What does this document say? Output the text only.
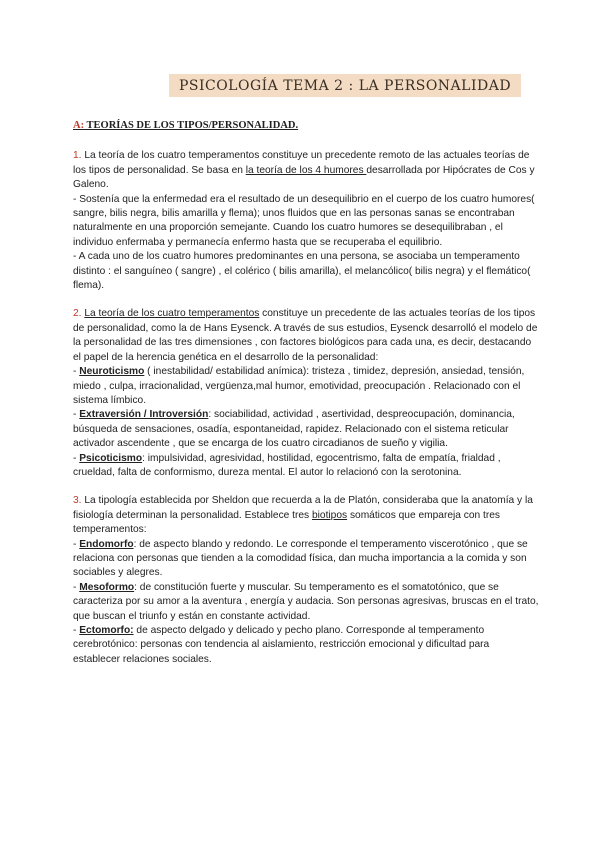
PSICOLOGÍA TEMA 2 : LA PERSONALIDAD
A: TEORÍAS DE LOS TIPOS/PERSONALIDAD.

1. La teoría de los cuatro temperamentos constituye un precedente remoto de las actuales teorías de los tipos de personalidad. Se basa en la teoría de los 4 humores desarrollada por Hipócrates de Cos y Galeno.

- Sostenía que la enfermedad era el resultado de un desequilibrio en el cuerpo de los cuatro humores( sangre, bilis negra, bilis amarilla y flema); unos fluidos que en las personas sanas se encontraban naturalmente en una proporción semejante. Cuando los cuatro humores se desequilibraban , el individuo enfermaba y permanecía enfermo hasta que se recuperaba el equilibrio.

- A cada uno de los cuatro humores predominantes en una persona, se asociaba un temperamento distinto : el sanguíneo ( sangre) , el colérico ( bilis amarilla), el melancólico( bilis negra) y el flemático( flema).

2. La teoría de los cuatro temperamentos constituye un precedente de las actuales teorías de los tipos de personalidad, como la de Hans Eysenck. A través de sus estudios, Eysenck desarrolló el modelo de la personalidad de las tres dimensiones , con factores biológicos para cada una, es decir, destacando el papel de la herencia genética en el desarrollo de la personalidad:

- Neuroticismo ( inestabilidad/ estabilidad anímica): tristeza , timidez, depresión, ansiedad, tensión, miedo , culpa, irracionalidad, vergüenza,mal humor, emotividad, preocupación . Relacionado con el sistema límbico.

- Extraversión / Introversión: sociabilidad, actividad , asertividad, despreocupación, dominancia, búsqueda de sensaciones, osadía, espontaneidad, rapidez. Relacionado con el sistema reticular activador ascendente , que se encarga de los cuatro circadianos de sueño y vigilia.

- Psicoticismo: impulsividad, agresividad, hostilidad, egocentrismo, falta de empatía, frialdad , crueldad, falta de conformismo, dureza mental. El autor lo relacionó con la serotonina.

3. La tipología establecida por Sheldon que recuerda a la de Platón, consideraba que la anatomía y la fisiología determinan la personalidad. Establece tres biotipos somáticos que empareja con tres temperamentos:

- Endomorfo: de aspecto blando y redondo. Le corresponde el temperamento viscerotónico , que se relaciona con personas que tienden a la comodidad física, dan mucha importancia a la comida y son sociables y alegres.

- Mesoformo: de constitución fuerte y muscular. Su temperamento es el somatotónico, que se caracteriza por su amor a la aventura , energía y audacia. Son personas agresivas, bruscas en el trato, que buscan el triunfo y están en constante actividad.

- Ectomorfo: de aspecto delgado y delicado y pecho plano. Corresponde al temperamento cerebrotónico: personas con tendencia al aislamiento, restricción emocional y dificultad para establecer relaciones sociales.
